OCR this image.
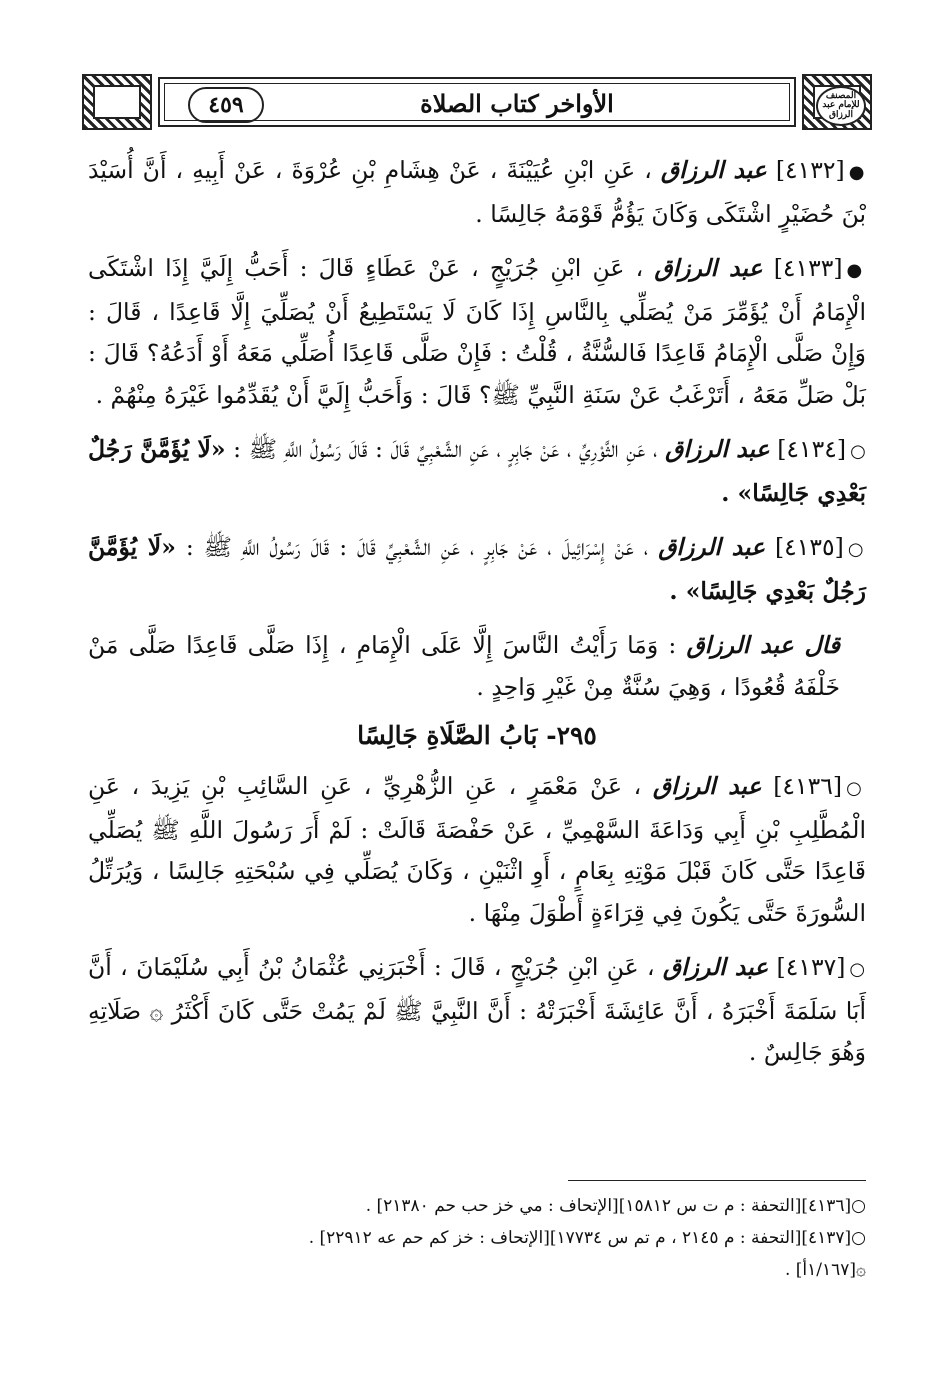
٤٥٩	الأواخر كتاب الصلاة	المصنف للإمام عبد الرزاق

●[٤١٣٢] عبد الرزاق ، عَنِ ابْنِ عُيَيْنَةَ ، عَنْ هِشَامِ بْنِ عُرْوَةَ ، عَنْ أَبِيهِ ، أَنَّ أُسَيْدَ بْنَ حُضَيْرٍ اشْتَكَى وَكَانَ يَؤُمُّ قَوْمَهُ جَالِسًا .

●[٤١٣٣] عبد الرزاق ، عَنِ ابْنِ جُرَيْجٍ ، عَنْ عَطَاءٍ قَالَ : أَحَبُّ إِلَيَّ إِذَا اشْتَكَى الْإِمَامُ أَنْ يُؤَمِّرَ مَنْ يُصَلِّي بِالنَّاسِ إِذَا كَانَ لَا يَسْتَطِيعُ أَنْ يُصَلِّيَ إِلَّا قَاعِدًا ، قَالَ : وَإِنْ صَلَّى الْإِمَامُ قَاعِدًا فَالسُّنَّةُ ، قُلْتُ : فَإِنْ صَلَّى قَاعِدًا أُصَلِّي مَعَهُ أَوْ أَدَعُهُ؟ قَالَ : بَلْ صَلِّ مَعَهُ ، أَتَرْغَبُ عَنْ سَنَةِ النَّبِيِّ ﷺ؟ قَالَ : وَأَحَبُّ إِلَيَّ أَنْ يُقَدِّمُوا غَيْرَهُ مِنْهُمْ .

○[٤١٣٤] عبد الرزاق ، عَنِ الثَّوْرِيِّ ، عَنْ جَابِرٍ ، عَنِ الشَّعْبِيِّ قَالَ : قَالَ رَسُولُ اللَّهِ ﷺ : «لَا يُؤَمَّنَّ رَجُلٌ بَعْدِي جَالِسًا» .

○[٤١٣٥] عبد الرزاق ، عَنْ إِسْرَائِيلَ ، عَنْ جَابِرٍ ، عَنِ الشَّعْبِيِّ قَالَ : قَالَ رَسُولُ اللَّهِ ﷺ : «لَا يُؤَمَّنَّ رَجُلٌ بَعْدِي جَالِسًا» .

قال عبد الرزاق : وَمَا رَأَيْتُ النَّاسَ إِلَّا عَلَى الْإِمَامِ ، إِذَا صَلَّى قَاعِدًا صَلَّى مَنْ خَلْفَهُ قُعُودًا ، وَهِيَ سُنَّةٌ مِنْ غَيْرِ وَاحِدٍ .

٢٩٥- بَابُ الصَّلَاةِ جَالِسًا

○[٤١٣٦] عبد الرزاق ، عَنْ مَعْمَرٍ ، عَنِ الزُّهْرِيِّ ، عَنِ السَّائِبِ بْنِ يَزِيدَ ، عَنِ الْمُطَّلِبِ بْنِ أَبِي وَدَاعَةَ السَّهْمِيِّ ، عَنْ حَفْصَةَ قَالَتْ : لَمْ أَرَ رَسُولَ اللَّهِ ﷺ يُصَلِّي قَاعِدًا حَتَّى كَانَ قَبْلَ مَوْتِهِ بِعَامٍ ، أَوِ اثْنَيْنِ ، وَكَانَ يُصَلِّي فِي سُبْحَتِهِ جَالِسًا ، وَيُرَتِّلُ السُّورَةَ حَتَّى يَكُونَ فِي قِرَاءَةٍ أَطْوَلَ مِنْهَا .

○[٤١٣٧] عبد الرزاق ، عَنِ ابْنِ جُرَيْجٍ ، قَالَ : أَخْبَرَنِي عُثْمَانُ بْنُ أَبِي سُلَيْمَانَ ، أَنَّ أَبَا سَلَمَةَ أَخْبَرَهُ ، أَنَّ عَائِشَةَ أَخْبَرَتْهُ : أَنَّ النَّبِيَّ ﷺ لَمْ يَمُتْ حَتَّى كَانَ أَكْثَرُ ۞ صَلَاتِهِ وَهُوَ جَالِسٌ .

○[٤١٣٦][التحفة : م ت س ١٥٨١٢][الإتحاف : مي خز حب حم ٢١٣٨٠] .

○[٤١٣٧][التحفة : م ٢١٤٥ ، م تم س ١٧٧٣٤][الإتحاف : خز كم حم عه ٢٢٩١٢] .

۞[١/١٦٧أ] .
